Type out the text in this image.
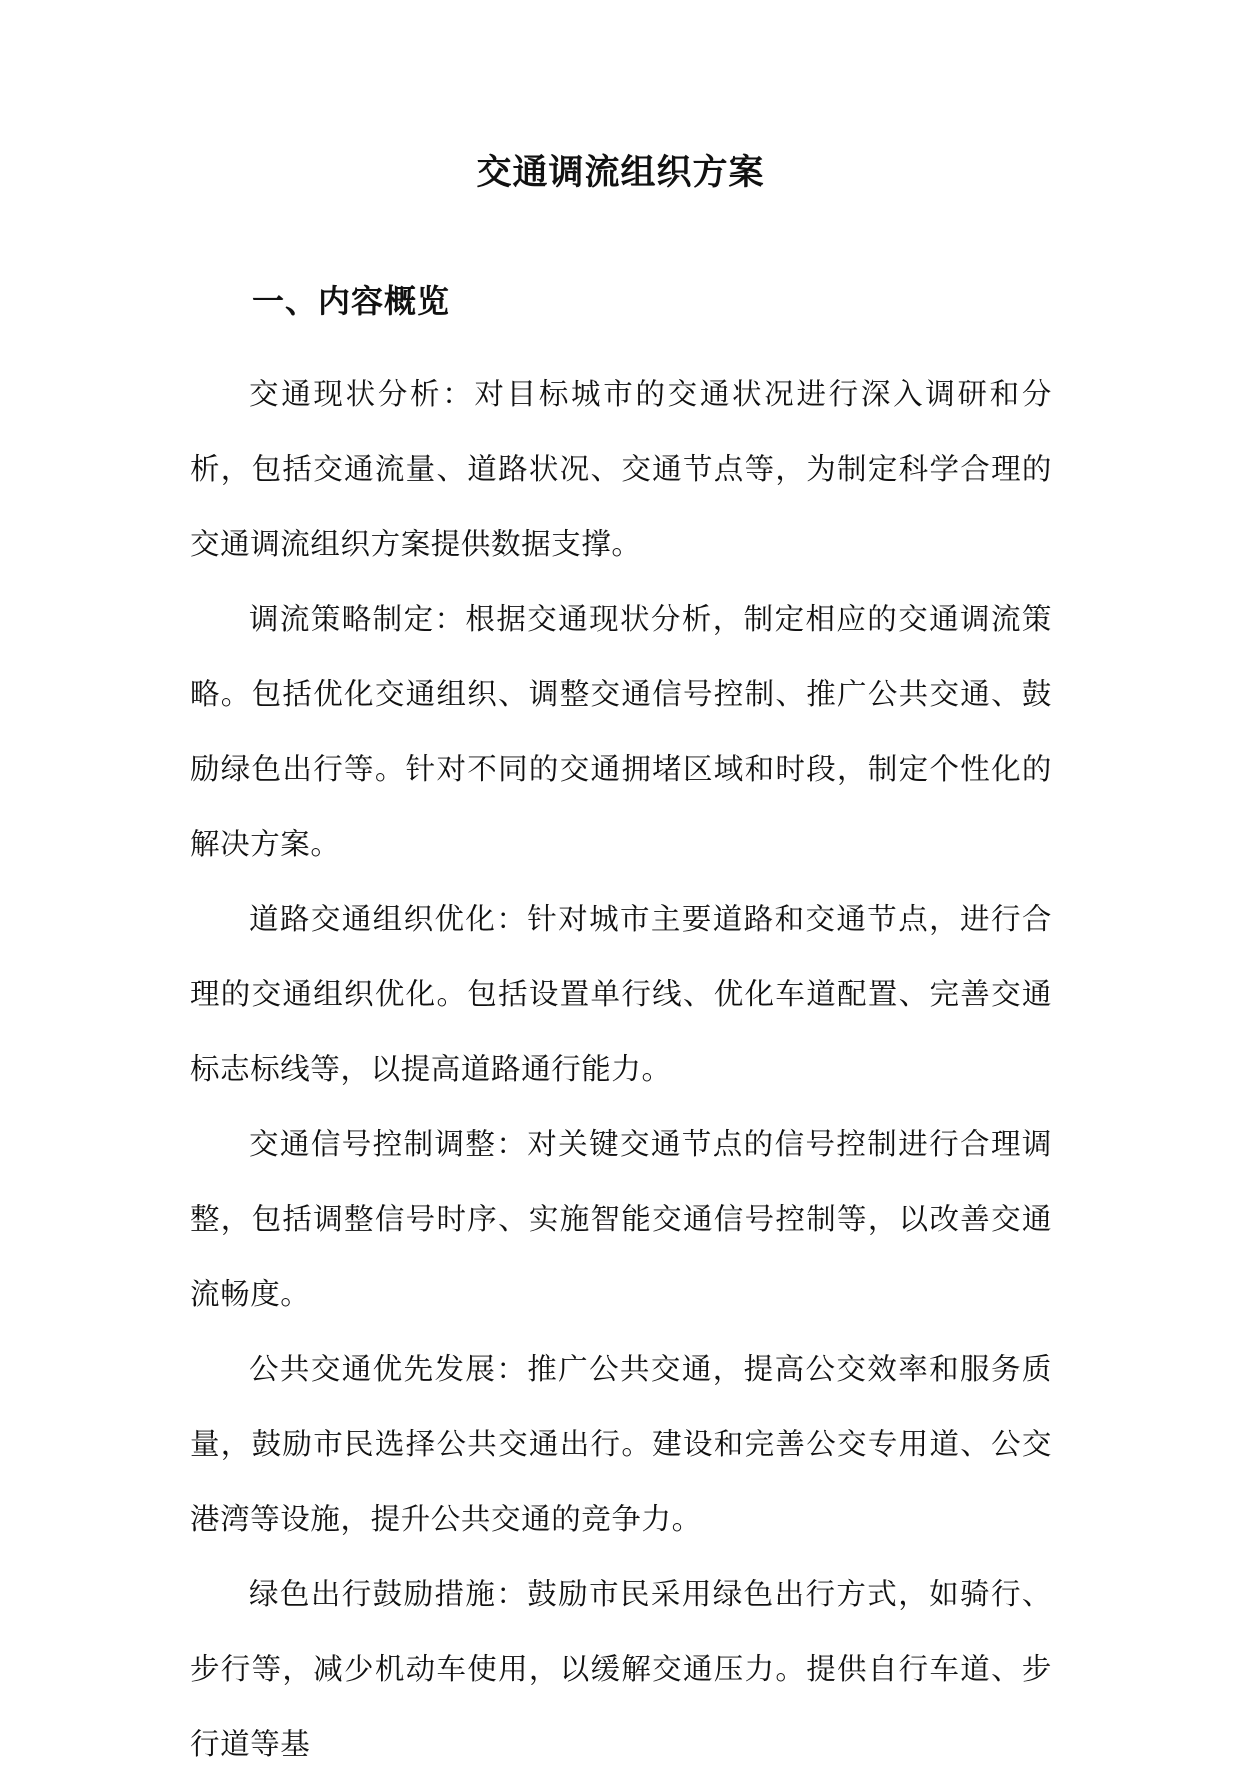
交通调流组织方案
一、内容概览

交通现状分析：对目标城市的交通状况进行深入调研和分析，包括交通流量、道路状况、交通节点等，为制定科学合理的交通调流组织方案提供数据支撑。

调流策略制定：根据交通现状分析，制定相应的交通调流策略。包括优化交通组织、调整交通信号控制、推广公共交通、鼓励绿色出行等。针对不同的交通拥堵区域和时段，制定个性化的解决方案。

道路交通组织优化：针对城市主要道路和交通节点，进行合理的交通组织优化。包括设置单行线、优化车道配置、完善交通标志标线等，以提高道路通行能力。

交通信号控制调整：对关键交通节点的信号控制进行合理调整，包括调整信号时序、实施智能交通信号控制等，以改善交通流畅度。

公共交通优先发展：推广公共交通，提高公交效率和服务质量，鼓励市民选择公共交通出行。建设和完善公交专用道、公交港湾等设施，提升公共交通的竞争力。

绿色出行鼓励措施：鼓励市民采用绿色出行方式，如骑行、步行等，减少机动车使用，以缓解交通压力。提供自行车道、步行道等基
